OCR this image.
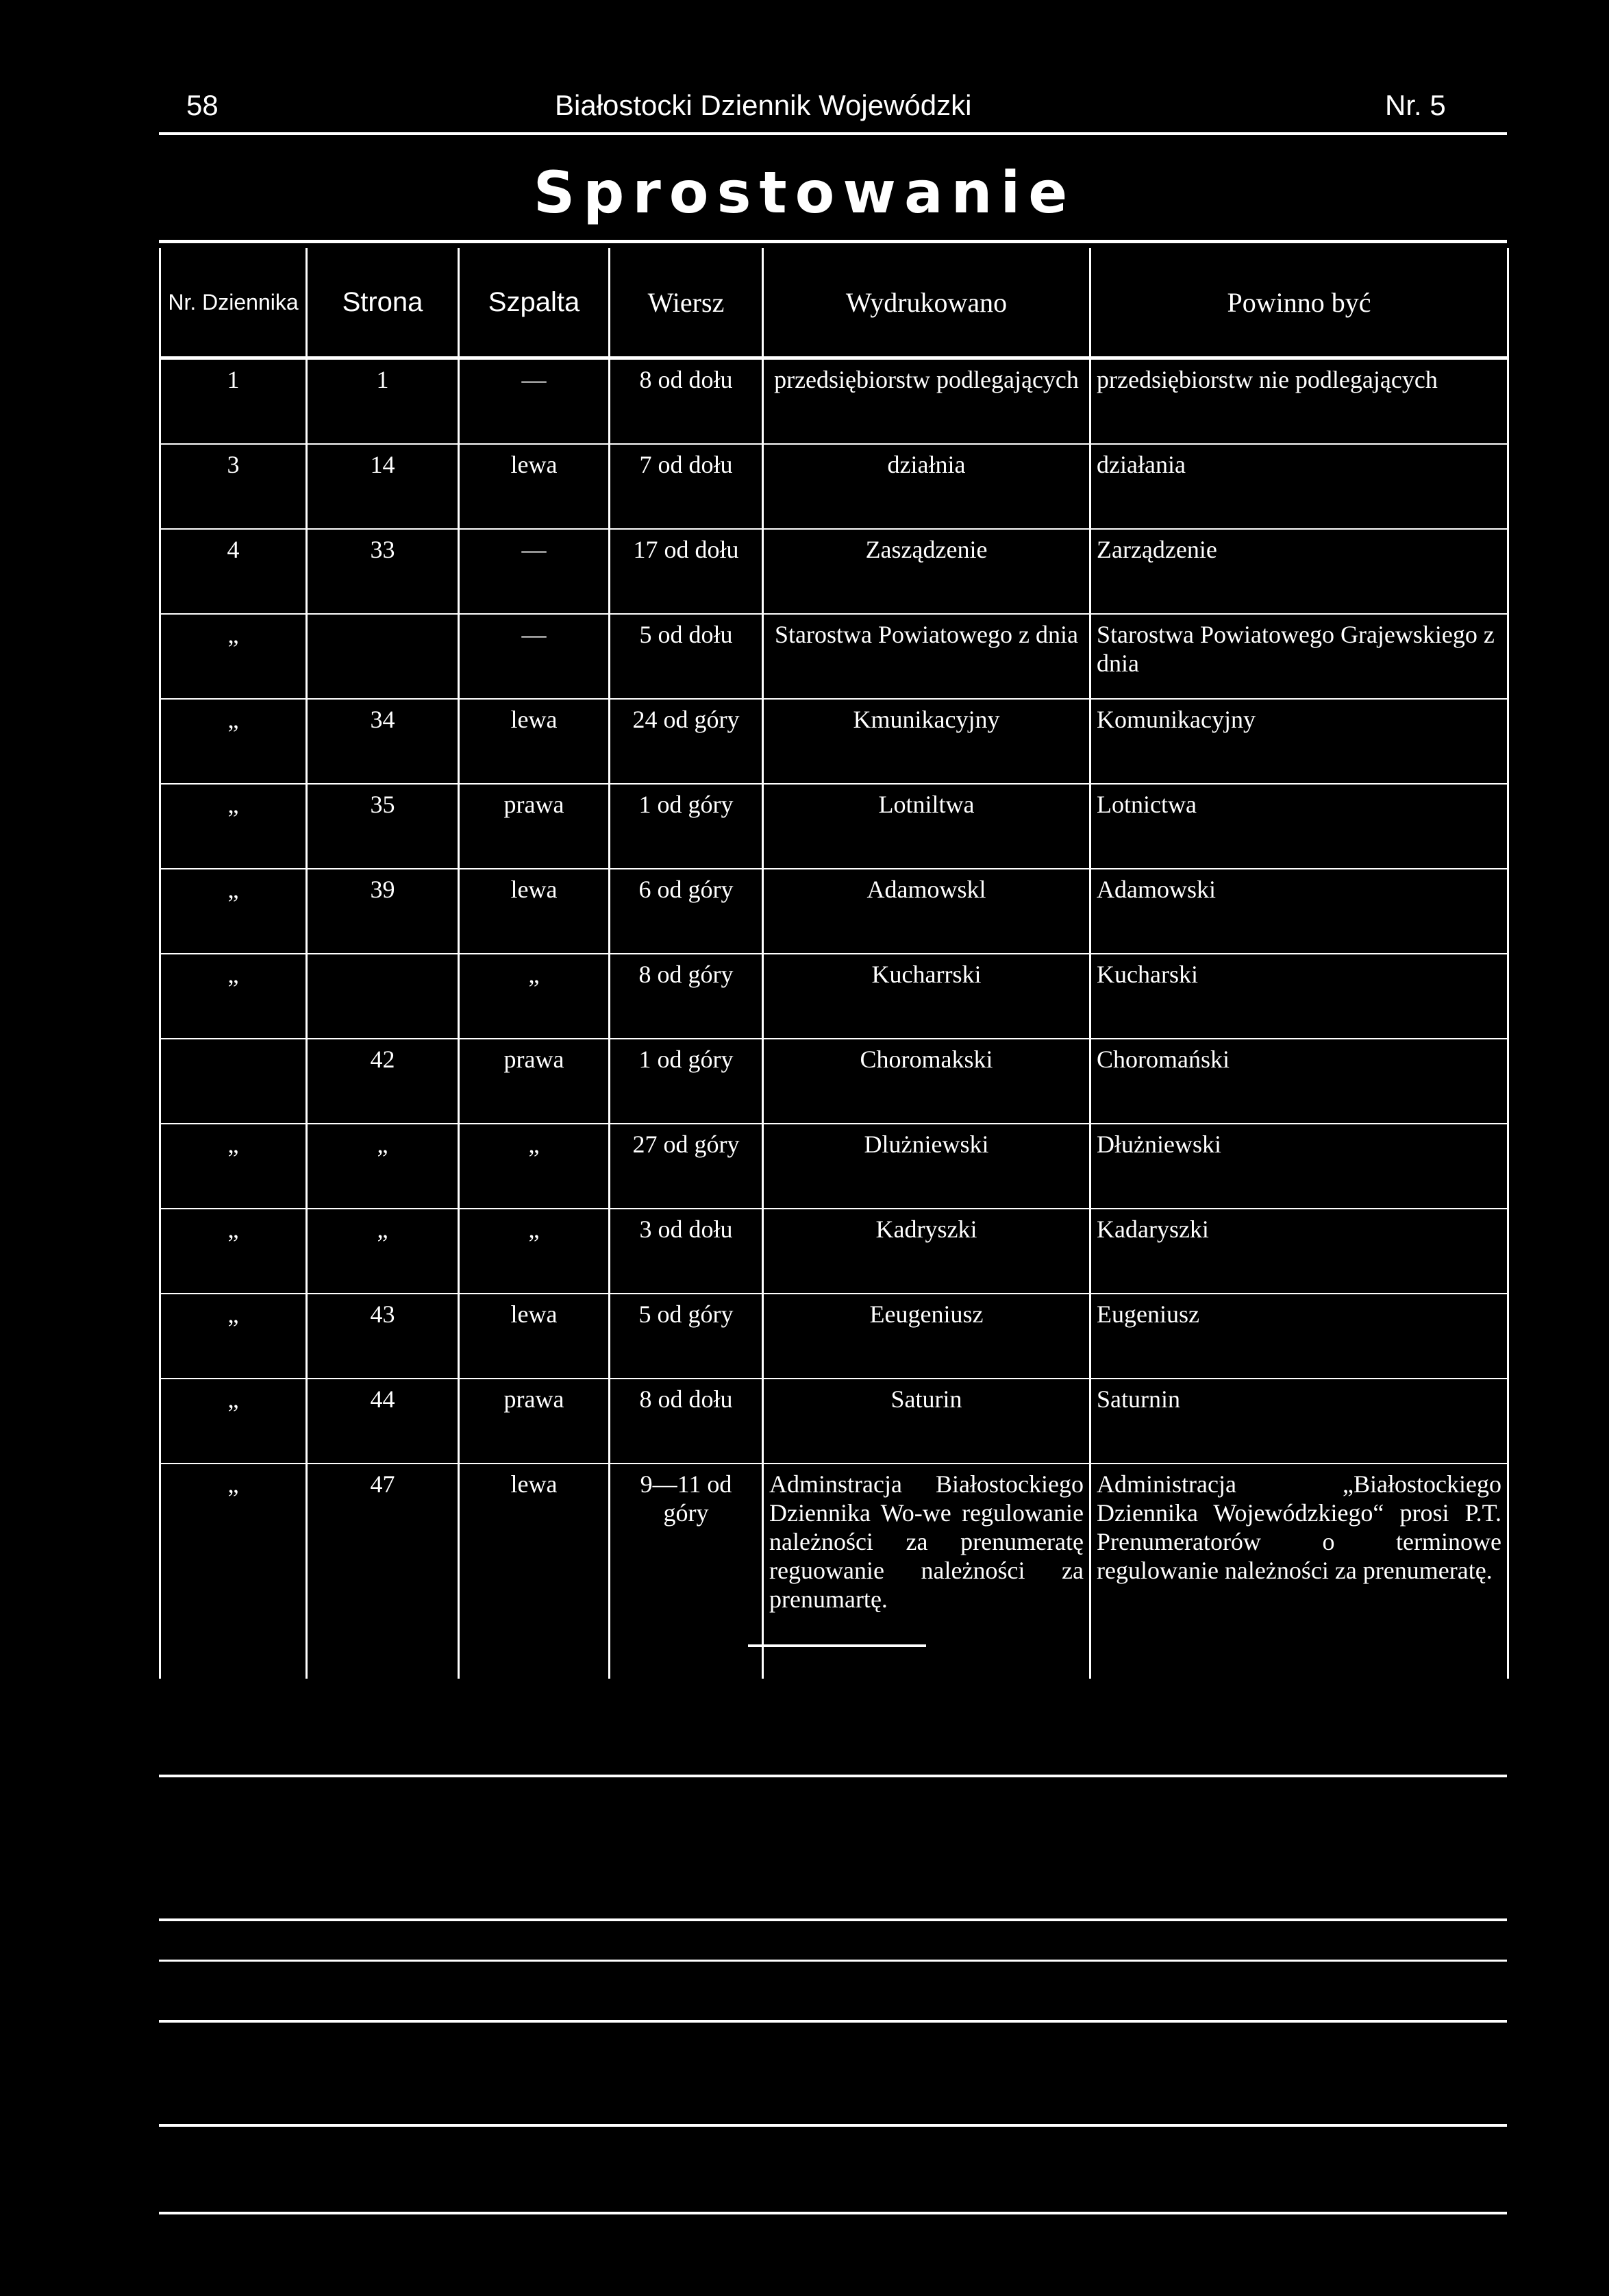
58	Białostocki Dziennik Wojewódzki	Nr. 5
Sprostowanie
Nr. Dziennika	Strona	Szpalta	Wiersz	Wydrukowano	Powinno być
1	1	—	8 od dołu	przedsiębiorstw podlegających	przedsiębiorstw nie podlegających
3	14	lewa	7 od dołu	działnia	działania
4	33	—	17 od dołu	Zasządzenie	Zarządzenie
„		—	5 od dołu	Starostwa Powiatowego z dnia	Starostwa Powiatowego Grajewskiego z dnia
„	34	lewa	24 od góry	Kmunikacyjny	Komunikacyjny
„	35	prawa	1 od góry	Lotniltwa	Lotnictwa
„	39	lewa	6 od góry	Adamowskl	Adamowski
„		„	8 od góry	Kucharrski	Kucharski
	42	prawa	1 od góry	Choromakski	Choromański
„	„	„	27 od góry	Dlużniewski	Dłużniewski
„	„	„	3 od dołu	Kadryszki	Kadaryszki
„	43	lewa	5 od góry	Eeugeniusz	Eugeniusz
„	44	prawa	8 od dołu	Saturin	Saturnin
„	47	lewa	9—11 od góry	Adminstracja Białostockiego Dziennika Wo-we regulowanie należności za prenumeratę reguowanie należności za prenumartę.	Administracja „Białostockiego Dziennika Wojewódzkiego“ prosi P.T. Prenumeratorów o terminowe regulowanie należności za prenumeratę.
